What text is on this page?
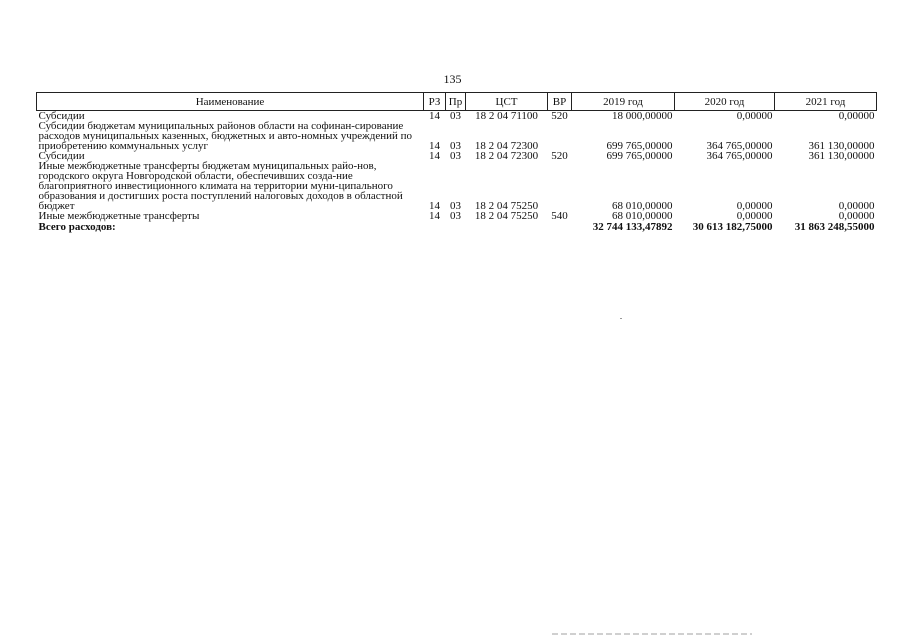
135
Наименование	РЗ	Пр	ЦСТ	ВР	2019 год	2020 год	2021 год
Субсидии	14	03	18 2 04 71100	520	18 000,00000	0,00000	0,00000
Субсидии бюджетам муниципальных районов области на софинан-сирование расходов муниципальных казенных, бюджетных и авто-номных учреждений по приобретению коммунальных услуг	14	03	18 2 04 72300		699 765,00000	364 765,00000	361 130,00000
Субсидии	14	03	18 2 04 72300	520	699 765,00000	364 765,00000	361 130,00000
Иные межбюджетные трансферты бюджетам муниципальных райо-нов, городского округа Новгородской области, обеспечивших созда-ние благоприятного инвестиционного климата на территории муни-ципального образования и достигших роста поступлений налоговых доходов в областной бюджет	14	03	18 2 04 75250		68 010,00000	0,00000	0,00000
Иные межбюджетные трансферты	14	03	18 2 04 75250	540	68 010,00000	0,00000	0,00000
Всего расходов:					32 744 133,47892	30 613 182,75000	31 863 248,55000
